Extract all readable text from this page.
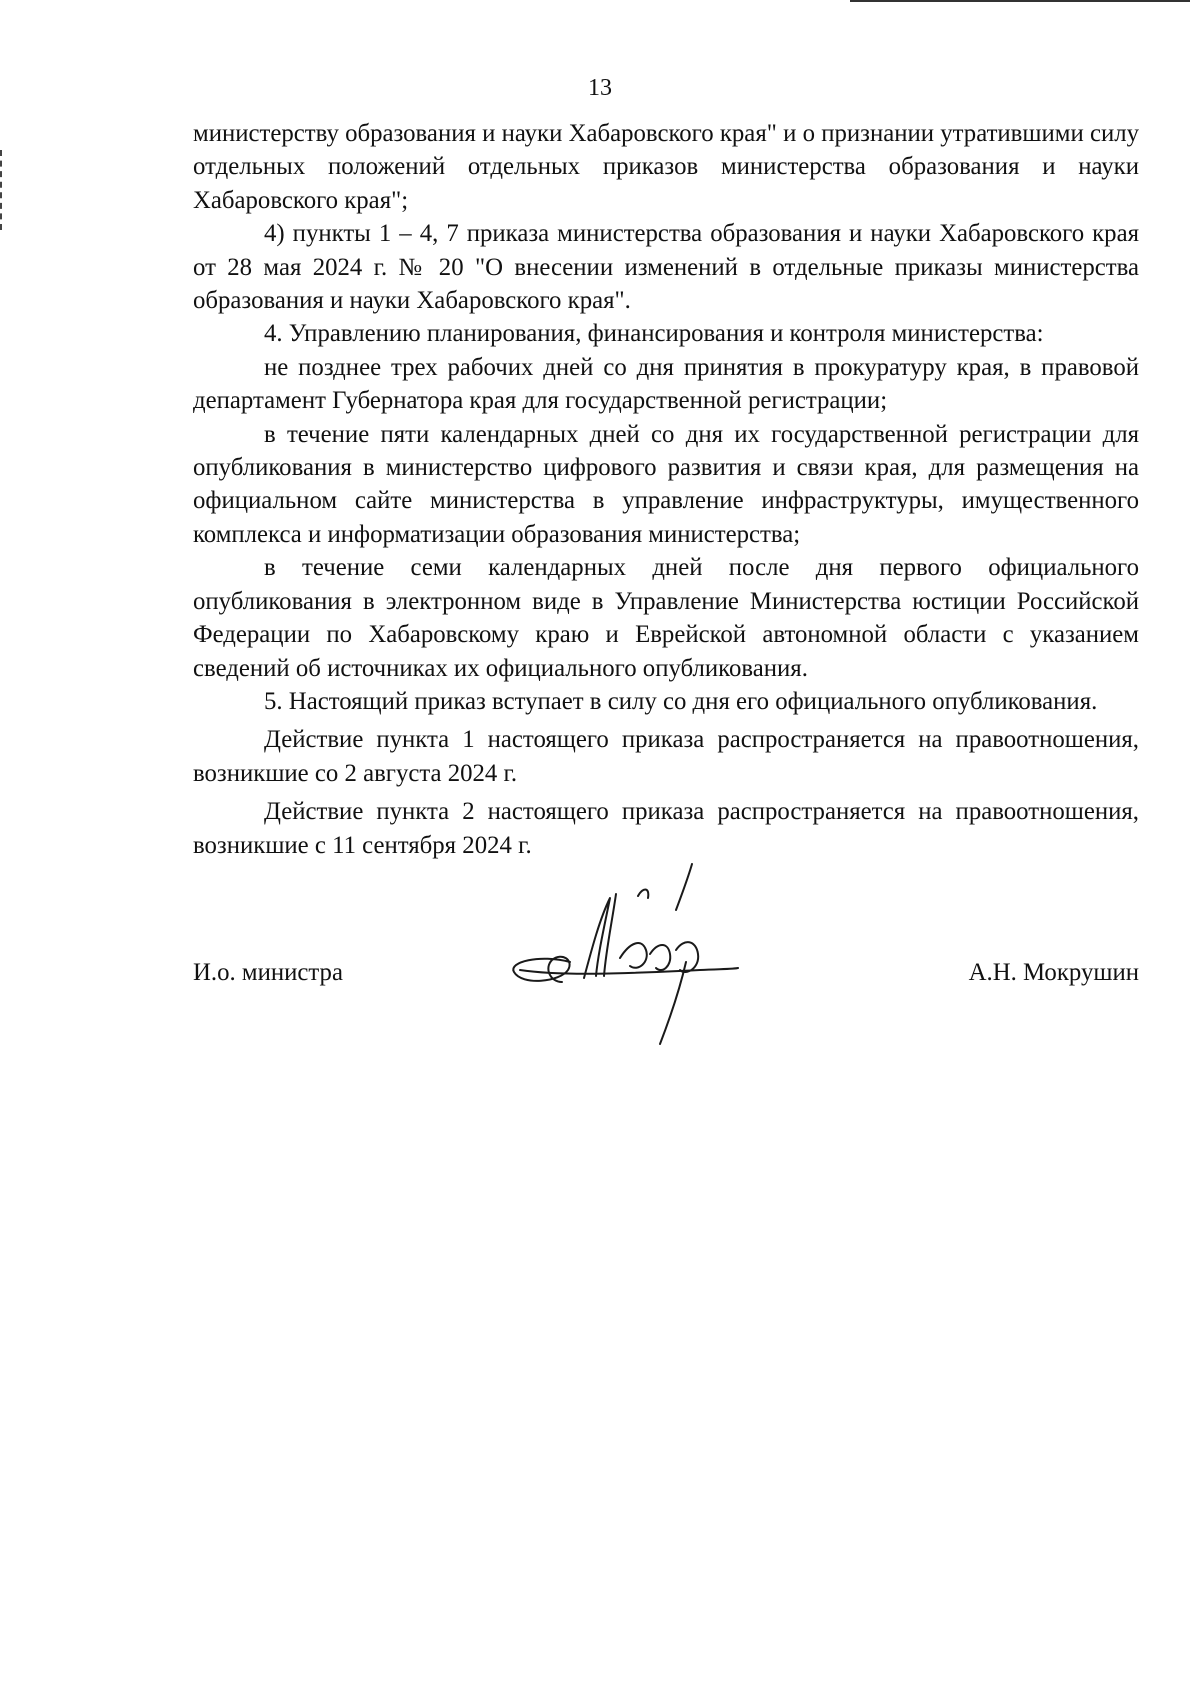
13

министерству образования и науки Хабаровского края" и о признании утратившими силу отдельных положений отдельных приказов министерства образования и науки Хабаровского края";

4) пункты 1 – 4, 7 приказа министерства образования и науки Хабаровского края от 28 мая 2024 г. № 20 "О внесении изменений в отдельные приказы министерства образования и науки Хабаровского края".

4. Управлению планирования, финансирования и контроля министерства:

не позднее трех рабочих дней со дня принятия в прокуратуру края, в правовой департамент Губернатора края для государственной регистрации;

в течение пяти календарных дней со дня их государственной регистрации для опубликования в министерство цифрового развития и связи края, для размещения на официальном сайте министерства в управление инфраструктуры, имущественного комплекса и информатизации образования министерства;

в течение семи календарных дней после дня первого официального опубликования в электронном виде в Управление Министерства юстиции Российской Федерации по Хабаровскому краю и Еврейской автономной области с указанием сведений об источниках их официального опубликования.

5. Настоящий приказ вступает в силу со дня его официального опубликования.

Действие пункта 1 настоящего приказа распространяется на правоотношения, возникшие со 2 августа 2024 г.

Действие пункта 2 настоящего приказа распространяется на правоотношения, возникшие с 11 сентября 2024 г.

И.о. министра	А.Н. Мокрушин
